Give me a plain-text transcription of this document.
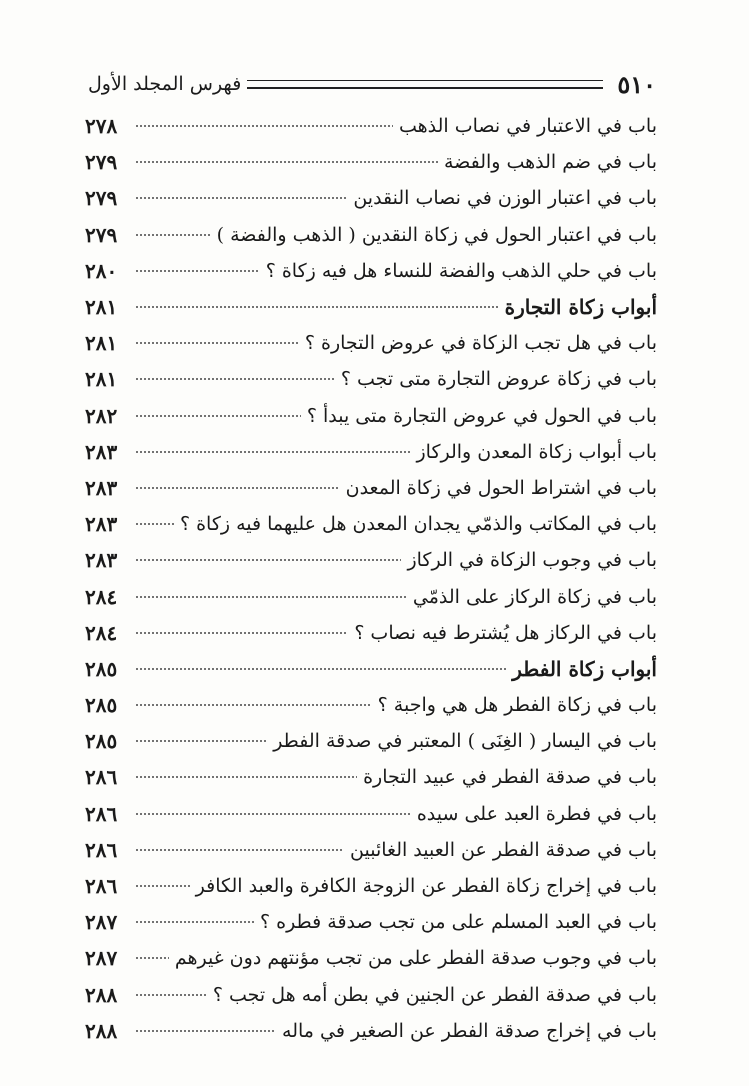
٥١٠
فهرس المجلد الأول
باب في الاعتبار في نصاب الذهب
٢٧٨
باب في ضم الذهب والفضة
٢٧٩
باب في اعتبار الوزن في نصاب النقدين
٢٧٩
باب في اعتبار الحول في زكاة النقدين ( الذهب والفضة )
٢٧٩
باب في حلي الذهب والفضة للنساء هل فيه زكاة ؟
٢٨٠
أبواب زكاة التجارة
٢٨١
باب في هل تجب الزكاة في عروض التجارة ؟
٢٨١
باب في زكاة عروض التجارة متى تجب ؟
٢٨١
باب في الحول في عروض التجارة متى يبدأ ؟
٢٨٢
باب أبواب زكاة المعدن والركاز
٢٨٣
باب في اشتراط الحول في زكاة المعدن
٢٨٣
باب في المكاتب والذمّي يجدان المعدن هل عليهما فيه زكاة ؟
٢٨٣
باب في وجوب الزكاة في الركاز
٢٨٣
باب في زكاة الركاز على الذمّي
٢٨٤
باب في الركاز هل يُشترط فيه نصاب ؟
٢٨٤
أبواب زكاة الفطر
٢٨٥
باب في زكاة الفطر هل هي واجبة ؟
٢٨٥
باب في اليسار ( الغِنَى ) المعتبر في صدقة الفطر
٢٨٥
باب في صدقة الفطر في عبيد التجارة
٢٨٦
باب في فطرة العبد على سيده
٢٨٦
باب في صدقة الفطر عن العبيد الغائبين
٢٨٦
باب في إخراج زكاة الفطر عن الزوجة الكافرة والعبد الكافر
٢٨٦
باب في العبد المسلم على من تجب صدقة فطره ؟
٢٨٧
باب في وجوب صدقة الفطر على من تجب مؤنتهم دون غيرهم
٢٨٧
باب في صدقة الفطر عن الجنين في بطن أمه هل تجب ؟
٢٨٨
باب في إخراج صدقة الفطر عن الصغير في ماله
٢٨٨
